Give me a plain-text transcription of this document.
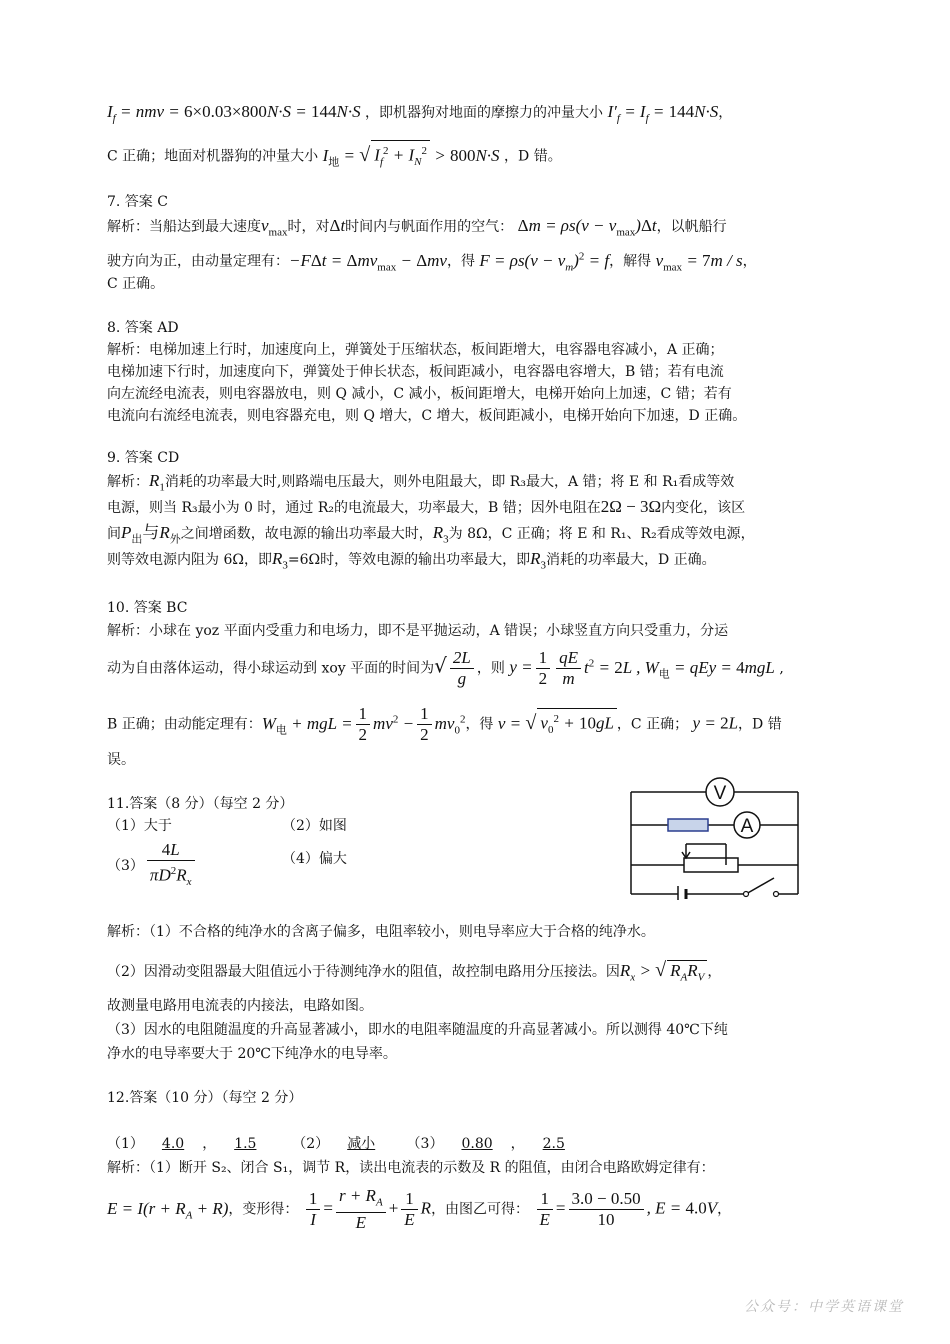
$I_f$ = nmv = 6×0.03×800N·S = 144N·S ，即机器狗对地面的摩擦力的冲量大小 $I'_f = I_f = 144N\cdot S$，
C 正确；地面对机器狗的冲量大小 $I_地$ = √ $I_f^2 + I_N^2 > 800N\cdot S$ ，D 错。
7. 答案 C
解析：当船达到最大速度$v_{max}$时，对Δt时间内与帆面作用的空气： $\Delta m = \rho s(v - v_{max})\Delta t$，以帆船行
驶方向为正，由动量定理有：−FΔt = Δmv$_{max}$ − Δmv，得 $F = \rho s(v - v_m)^2 = f$，解得 $v_{max} = 7m / s$，
C 正确。
8. 答案 AD
解析：电梯加速上行时，加速度向上，弹簧处于压缩状态，板间距增大，电容器电容减小，A 正确；
电梯加速下行时，加速度向下，弹簧处于伸长状态，板间距减小，电容器电容增大，B 错；若有电流
向左流经电流表，则电容器放电，则 Q 减小，C 减小，板间距增大，电梯开始向上加速，C 错；若有
电流向右流经电流表，则电容器充电，则 Q 增大，C 增大，板间距减小，电梯开始向下加速，D 正确。
9. 答案 CD
解析：$R_1$消耗的功率最大时,则路端电压最大，则外电阻最大，即 R₃最大，A 错；将 E 和 R₁看成等效
电源，则当 R₃最小为 0 时，通过 R₂的电流最大，功率最大，B 错；因外电阻在2Ω − 3Ω内变化，该区
间$P_出$与$R_外$之间增函数，故电源的输出功率最大时，$R_3$为 8Ω，C 正确；将 E 和 R₁、R₂看成等效电源，
则等效电源内阻为 6Ω，即$R_3=6\Omega$时，等效电源的输出功率最大，即$R_3$消耗的功率最大，D 正确。
10. 答案 BC
解析：小球在 yoz 平面内受重力和电场力，即不是平抛运动，A 错误；小球竖直方向只受重力，分运
动为自由落体运动，得小球运动到 xoy 平面的时间为√ $\frac{2L}{g}$ ，则 $y = \frac{1}{2} \frac{qE}{m} t^2 = 2L$ , $W_电$ = qEy = 4mgL ,
B 正确；由动能定理有：$W_电$ + mgL = $\frac{1}{2} mv^2 - \frac{1}{2} mv_0^2$，得 v = √ $v_0^2 + 10gL$ ，C 正确； y = 2L，D 错
误。
11.答案（8 分）（每空 2 分）
（1）大于	（2）如图
$(3) \frac{4L}{\pi D^2R_x}$	（4）偏大
V
A
解析：（1）不合格的纯净水的含离子偏多，电阻率较小，则电导率应大于合格的纯净水。
（2）因滑动变阻器最大阻值远小于待测纯净水的阻值，故控制电路用分压接法。因$R_x$ > √ $R_AR_V$ ，
故测量电路用电流表的内接法，电路如图。
（3）因水的电阻随温度的升高显著减小，即水的电阻率随温度的升高显著减小。所以测得 40℃下纯
净水的电导率要大于 20℃下纯净水的电导率。
12.答案（10 分）（每空 2 分）
（1） 4.0 ， 1.5	（2） 减小 （3） 0.80 ， 2.5
解析：（1）断开 S₂、闭合 S₁，调节 R，读出电流表的示数及 R 的阻值，由闭合电路欧姆定律有：
$E = I(r + R_A + R)$，变形得： $\frac{1}{I} = \frac{r + R_A}{E} + \frac{1}{E}$ R，由图乙可得： $\frac{1}{E} = \frac{3.0 - 0.50}{10}$ , E = 4.0V，
公众号：中学英语课堂
